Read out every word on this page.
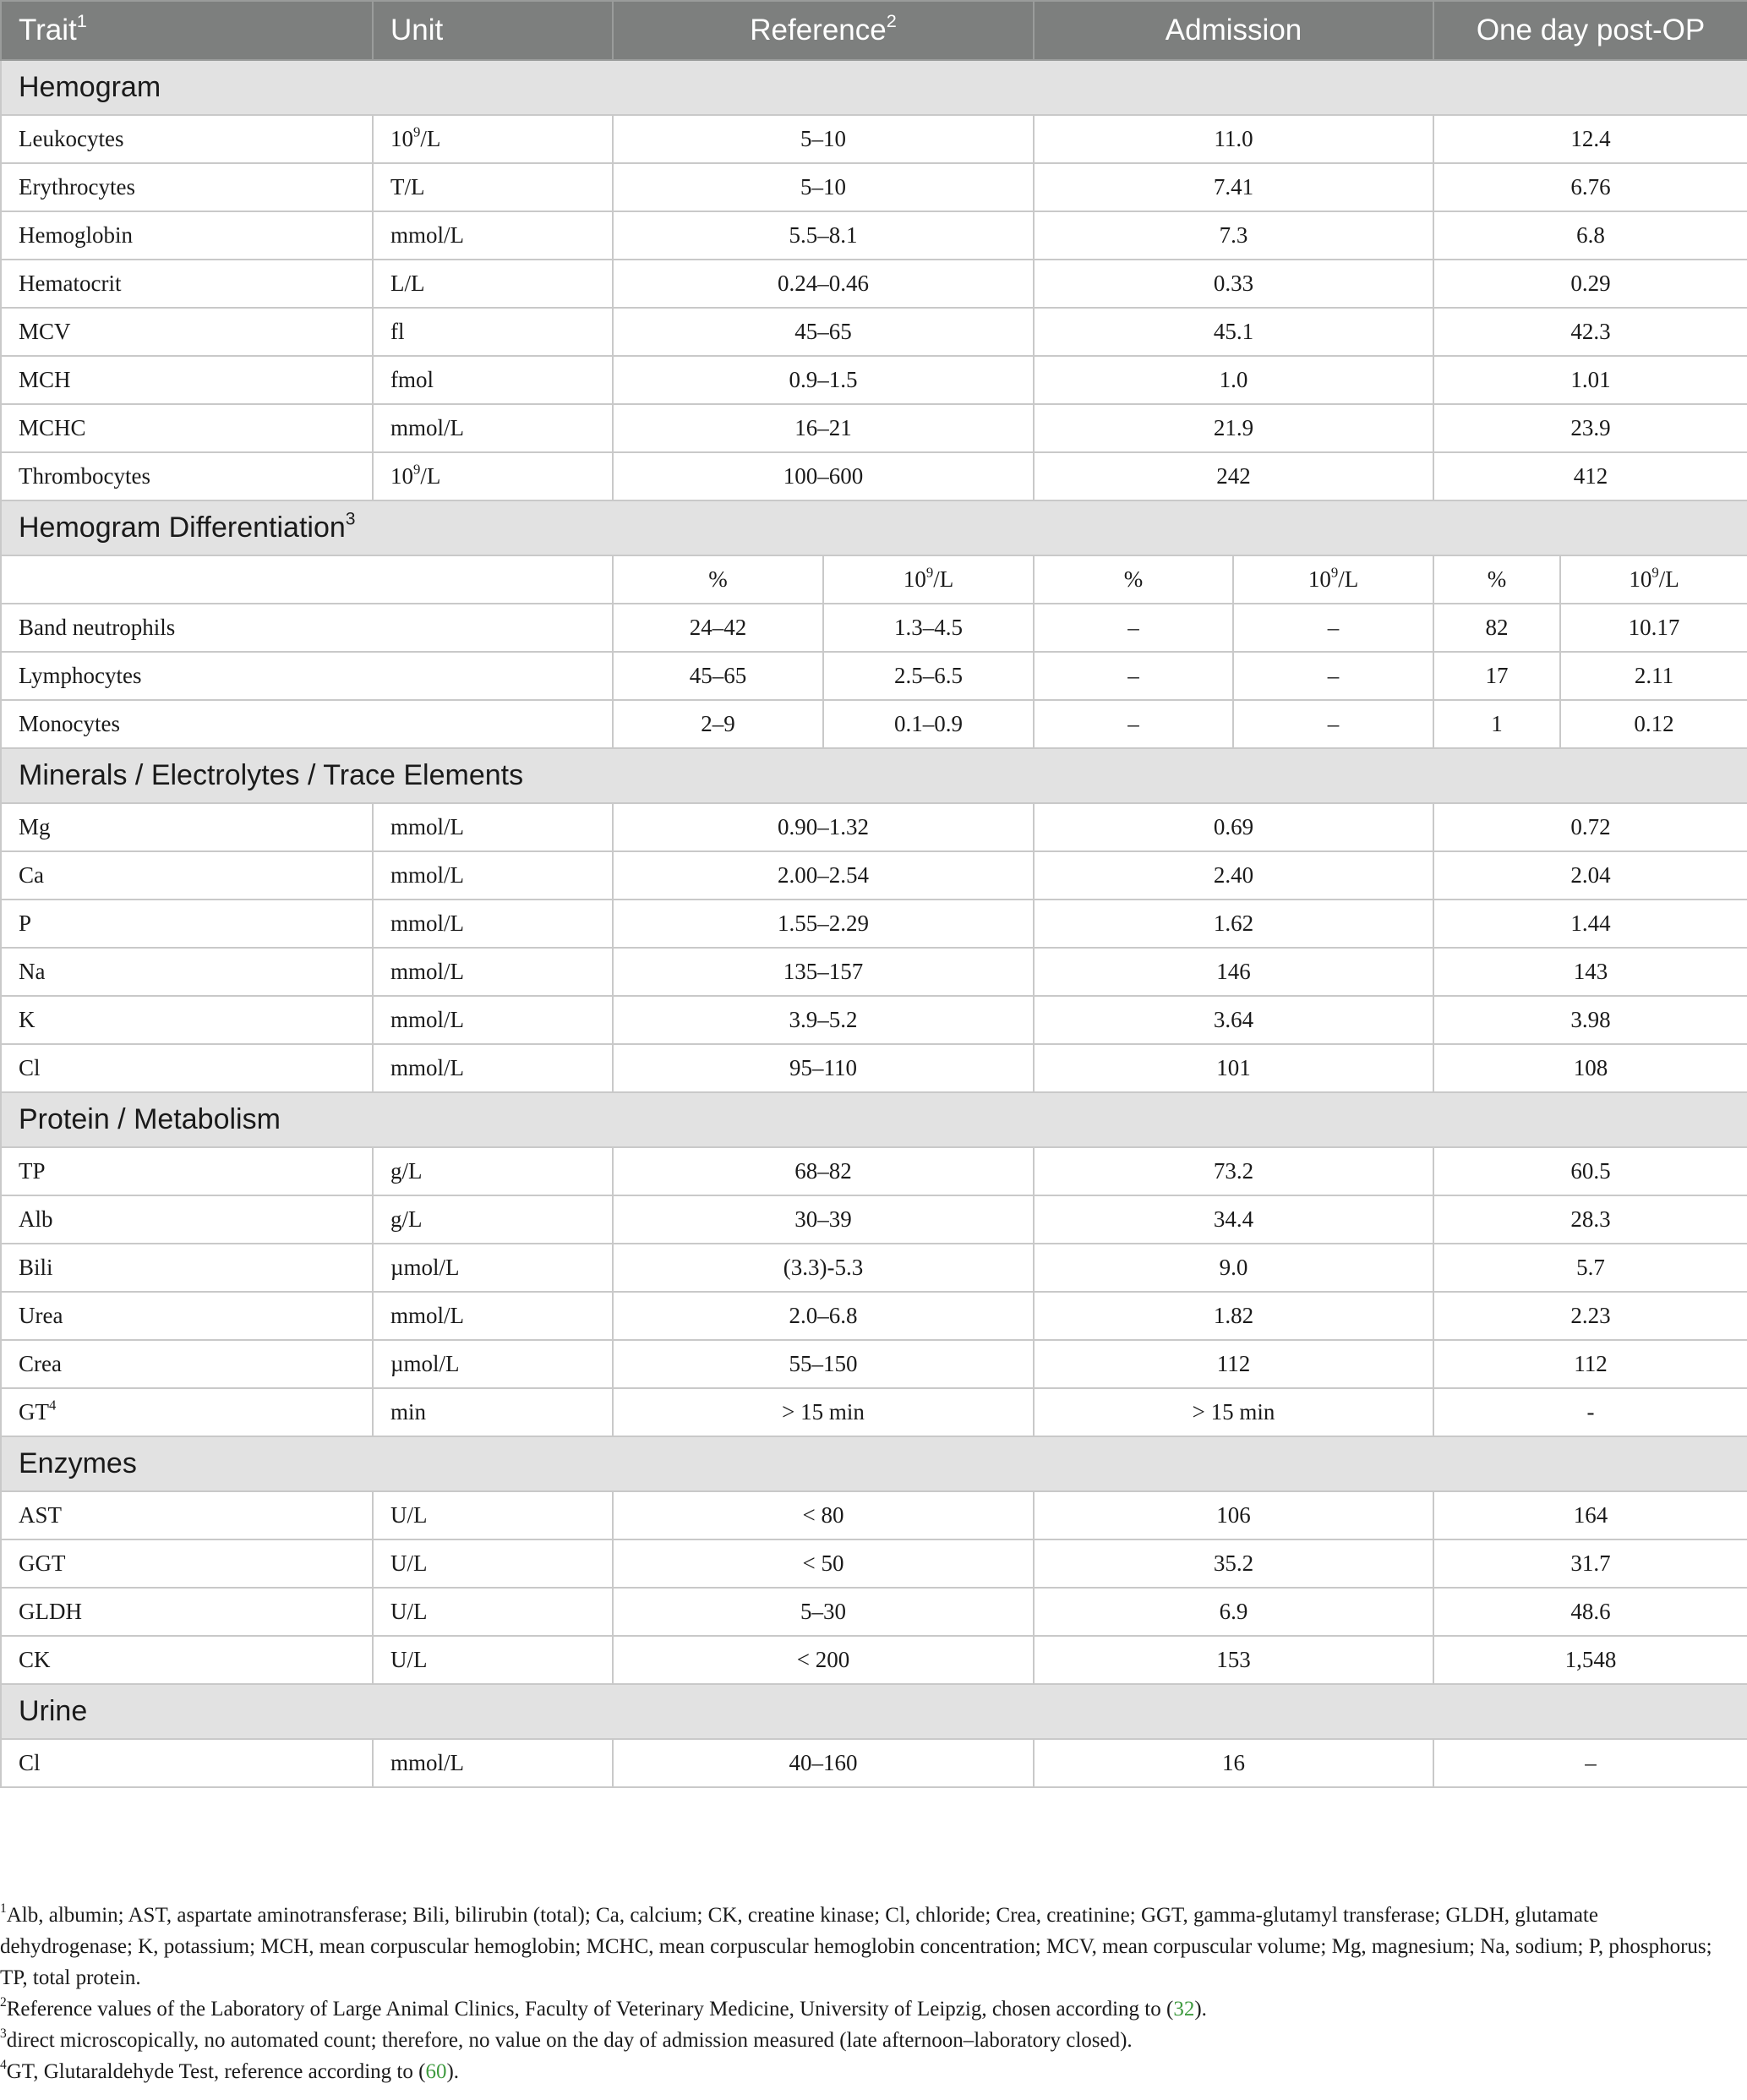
Trait$^1$	Unit	Reference$^2$		Admission		One day post-OP	
Hemogram							
Leukocytes	$10^9/L$	5–10		11.0		12.4	
Erythrocytes	T/L	5–10		7.41		6.76	
Hemoglobin	mmol/L	5.5–8.1		7.3		6.8	
Hematocrit	L/L	0.24–0.46		0.33		0.29	
MCV	fl	45–65		45.1		42.3	
MCH	fmol	0.9–1.5		1.0		1.01	
MCHC	mmol/L	16–21		21.9		23.9	
Thrombocytes	$10^9/L$	100–600		242		412	
Hemogram Differentiation$^3$
		%	$10^9/L$	%	$10^9/L$	%	$10^9/L$
Band neutrophils		24–42	1.3–4.5	–	–	82	10.17
Lymphocytes		45–65	2.5–6.5	–	–	17	2.11
Monocytes		2–9	0.1–0.9	–	–	1	0.12
Minerals / Electrolytes / Trace Elements							
Mg	mmol/L	0.90–1.32		0.69		0.72	
Ca	mmol/L	2.00–2.54		2.40		2.04	
P	mmol/L	1.55–2.29		1.62		1.44	
Na	mmol/L	135–157		146		143	
K	mmol/L	3.9–5.2		3.64		3.98	
Cl	mmol/L	95–110		101		108	
Protein / Metabolism							
TP	g/L	68–82		73.2		60.5	
Alb	g/L	30–39		34.4		28.3	
Bili	µmol/L	(3.3)-5.3		9.0		5.7	
Urea	mmol/L	2.0–6.8		1.82		2.23	
Crea	µmol/L	55–150		112		112	
$GT^4$	min	> 15 min		> 15 min		-	
Enzymes							
AST	U/L	< 80		106		164	
GGT	U/L	< 50		35.2		31.7	
GLDH	U/L	5–30		6.9		48.6	
CK	U/L	< 200		153		1,548	
Urine							
Cl	mmol/L	40–160		16		–	

$^1$Alb, albumin; AST, aspartate aminotransferase; Bili, bilirubin (total); Ca, calcium; CK, creatine kinase; Cl, chloride; Crea, creatinine; GGT, gamma-glutamyl transferase; GLDH, glutamate dehydrogenase; K, potassium; MCH, mean corpuscular hemoglobin; MCHC, mean corpuscular hemoglobin concentration; MCV, mean corpuscular volume; Mg, magnesium; Na, sodium; P, phosphorus; TP, total protein.

$^2$Reference values of the Laboratory of Large Animal Clinics, Faculty of Veterinary Medicine, University of Leipzig, chosen according to (32).

$^3$direct microscopically, no automated count; therefore, no value on the day of admission measured (late afternoon–laboratory closed).

$^4$GT, Glutaraldehyde Test, reference according to (60).
